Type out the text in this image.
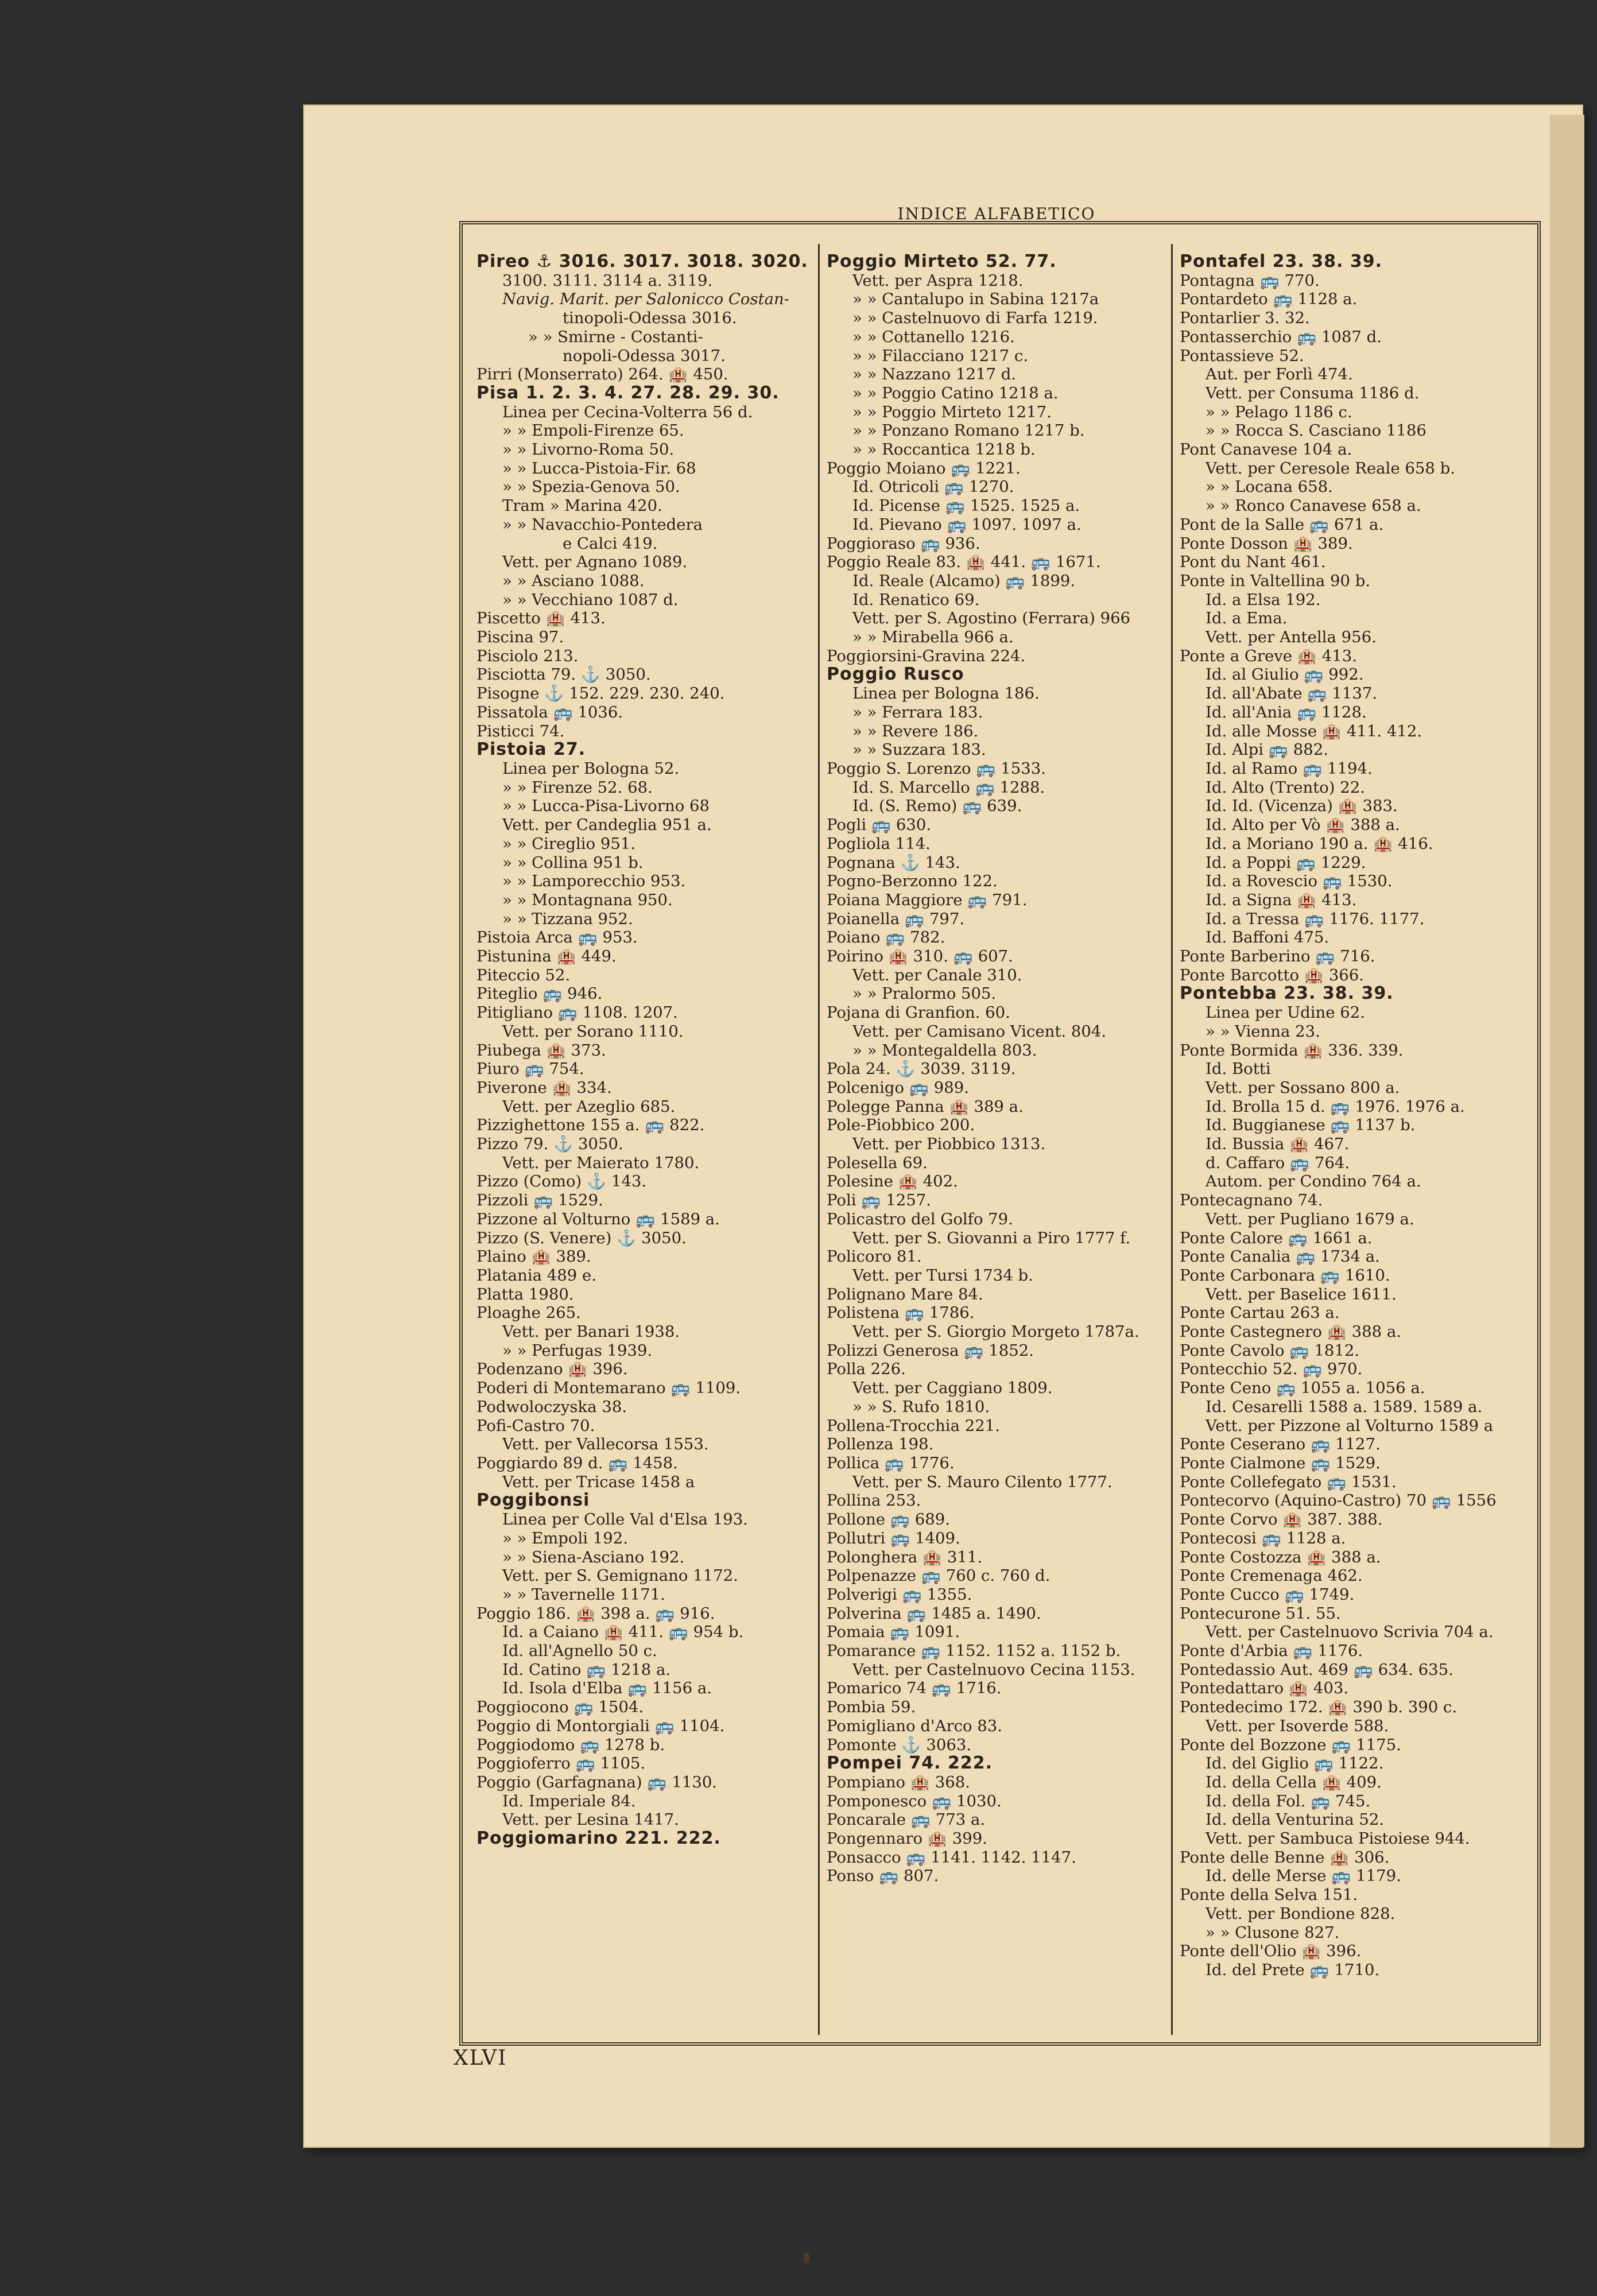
INDICE ALFABETICO
Pireo ⚓ 3016. 3017. 3018. 3020.
3100. 3111. 3114 a. 3119.
Navig. Marit. per Salonicco Costan-
tinopoli-Odessa 3016.
» » Smirne - Costanti-
nopoli-Odessa 3017.
Pirri (Monserrato) 264. 🏨 450.
Pisa 1. 2. 3. 4. 27. 28. 29. 30.
Linea per Cecina-Volterra 56 d.
» » Empoli-Firenze 65.
» » Livorno-Roma 50.
» » Lucca-Pistoia-Fir. 68
» » Spezia-Genova 50.
Tram » Marina 420.
» » Navacchio-Pontedera
e Calci 419.
Vett. per Agnano 1089.
» » Asciano 1088.
» » Vecchiano 1087 d.
Piscetto 🏨 413.
Piscina 97.
Pisciolo 213.
Pisciotta 79. ⚓ 3050.
Pisogne ⚓ 152. 229. 230. 240.
Pissatola 🚌 1036.
Pisticci 74.
Pistoia 27.
Linea per Bologna 52.
» » Firenze 52. 68.
» » Lucca-Pisa-Livorno 68
Vett. per Candeglia 951 a.
» » Cireglio 951.
» » Collina 951 b.
» » Lamporecchio 953.
» » Montagnana 950.
» » Tizzana 952.
Pistoia Arca 🚌 953.
Pistunina 🏨 449.
Piteccio 52.
Piteglio 🚌 946.
Pitigliano 🚌 1108. 1207.
Vett. per Sorano 1110.
Piubega 🏨 373.
Piuro 🚌 754.
Piverone 🏨 334.
Vett. per Azeglio 685.
Pizzighettone 155 a. 🚌 822.
Pizzo 79. ⚓ 3050.
Vett. per Maierato 1780.
Pizzo (Como) ⚓ 143.
Pizzoli 🚌 1529.
Pizzone al Volturno 🚌 1589 a.
Pizzo (S. Venere) ⚓ 3050.
Plaino 🏨 389.
Platania 489 e.
Platta 1980.
Ploaghe 265.
Vett. per Banari 1938.
» » Perfugas 1939.
Podenzano 🏨 396.
Poderi di Montemarano 🚌 1109.
Podwoloczyska 38.
Pofi-Castro 70.
Vett. per Vallecorsa 1553.
Poggiardo 89 d. 🚌 1458.
Vett. per Tricase 1458 a
Poggibonsi
Linea per Colle Val d'Elsa 193.
» » Empoli 192.
» » Siena-Asciano 192.
Vett. per S. Gemignano 1172.
» » Tavernelle 1171.
Poggio 186. 🏨 398 a. 🚌 916.
Id. a Caiano 🏨 411. 🚌 954 b.
Id. all'Agnello 50 c.
Id. Catino 🚌 1218 a.
Id. Isola d'Elba 🚌 1156 a.
Poggiocono 🚌 1504.
Poggio di Montorgiali 🚌 1104.
Poggiodomo 🚌 1278 b.
Poggioferro 🚌 1105.
Poggio (Garfagnana) 🚌 1130.
Id. Imperiale 84.
Vett. per Lesina 1417.
Poggiomarino 221. 222.
Poggio Mirteto 52. 77.
Vett. per Aspra 1218.
» » Cantalupo in Sabina 1217a
» » Castelnuovo di Farfa 1219.
» » Cottanello 1216.
» » Filacciano 1217 c.
» » Nazzano 1217 d.
» » Poggio Catino 1218 a.
» » Poggio Mirteto 1217.
» » Ponzano Romano 1217 b.
» » Roccantica 1218 b.
Poggio Moiano 🚌 1221.
Id. Otricoli 🚌 1270.
Id. Picense 🚌 1525. 1525 a.
Id. Pievano 🚌 1097. 1097 a.
Poggioraso 🚌 936.
Poggio Reale 83. 🏨 441. 🚌 1671.
Id. Reale (Alcamo) 🚌 1899.
Id. Renatico 69.
Vett. per S. Agostino (Ferrara) 966
» » Mirabella 966 a.
Poggiorsini-Gravina 224.
Poggio Rusco
Linea per Bologna 186.
» » Ferrara 183.
» » Revere 186.
» » Suzzara 183.
Poggio S. Lorenzo 🚌 1533.
Id. S. Marcello 🚌 1288.
Id. (S. Remo) 🚌 639.
Pogli 🚌 630.
Pogliola 114.
Pognana ⚓ 143.
Pogno-Berzonno 122.
Poiana Maggiore 🚌 791.
Poianella 🚌 797.
Poiano 🚌 782.
Poirino 🏨 310. 🚌 607.
Vett. per Canale 310.
» » Pralormo 505.
Pojana di Granfion. 60.
Vett. per Camisano Vicent. 804.
» » Montegaldella 803.
Pola 24. ⚓ 3039. 3119.
Polcenigo 🚌 989.
Polegge Panna 🏨 389 a.
Pole-Piobbico 200.
Vett. per Piobbico 1313.
Polesella 69.
Polesine 🏨 402.
Poli 🚌 1257.
Policastro del Golfo 79.
Vett. per S. Giovanni a Piro 1777 f.
Policoro 81.
Vett. per Tursi 1734 b.
Polignano Mare 84.
Polistena 🚌 1786.
Vett. per S. Giorgio Morgeto 1787a.
Polizzi Generosa 🚌 1852.
Polla 226.
Vett. per Caggiano 1809.
» » S. Rufo 1810.
Pollena-Trocchia 221.
Pollenza 198.
Pollica 🚌 1776.
Vett. per S. Mauro Cilento 1777.
Pollina 253.
Pollone 🚌 689.
Pollutri 🚌 1409.
Polonghera 🏨 311.
Polpenazze 🚌 760 c. 760 d.
Polverigi 🚌 1355.
Polverina 🚌 1485 a. 1490.
Pomaia 🚌 1091.
Pomarance 🚌 1152. 1152 a. 1152 b.
Vett. per Castelnuovo Cecina 1153.
Pomarico 74 🚌 1716.
Pombia 59.
Pomigliano d'Arco 83.
Pomonte ⚓ 3063.
Pompei 74. 222.
Pompiano 🏨 368.
Pomponesco 🚌 1030.
Poncarale 🚌 773 a.
Pongennaro 🏨 399.
Ponsacco 🚌 1141. 1142. 1147.
Ponso 🚌 807.
Pontafel 23. 38. 39.
Pontagna 🚌 770.
Pontardeto 🚌 1128 a.
Pontarlier 3. 32.
Pontasserchio 🚌 1087 d.
Pontassieve 52.
Aut. per Forlì 474.
Vett. per Consuma 1186 d.
» » Pelago 1186 c.
» » Rocca S. Casciano 1186
Pont Canavese 104 a.
Vett. per Ceresole Reale 658 b.
» » Locana 658.
» » Ronco Canavese 658 a.
Pont de la Salle 🚌 671 a.
Ponte Dosson 🏨 389.
Pont du Nant 461.
Ponte in Valtellina 90 b.
Id. a Elsa 192.
Id. a Ema.
Vett. per Antella 956.
Ponte a Greve 🏨 413.
Id. al Giulio 🚌 992.
Id. all'Abate 🚌 1137.
Id. all'Ania 🚌 1128.
Id. alle Mosse 🏨 411. 412.
Id. Alpi 🚌 882.
Id. al Ramo 🚌 1194.
Id. Alto (Trento) 22.
Id. Id. (Vicenza) 🏨 383.
Id. Alto per Vò 🏨 388 a.
Id. a Moriano 190 a. 🏨 416.
Id. a Poppi 🚌 1229.
Id. a Rovescio 🚌 1530.
Id. a Signa 🏨 413.
Id. a Tressa 🚌 1176. 1177.
Id. Baffoni 475.
Ponte Barberino 🚌 716.
Ponte Barcotto 🏨 366.
Pontebba 23. 38. 39.
Linea per Udine 62.
» » Vienna 23.
Ponte Bormida 🏨 336. 339.
Id. Botti
Vett. per Sossano 800 a.
Id. Brolla 15 d. 🚌 1976. 1976 a.
Id. Buggianese 🚌 1137 b.
Id. Bussia 🏨 467.
d. Caffaro 🚌 764.
Autom. per Condino 764 a.
Pontecagnano 74.
Vett. per Pugliano 1679 a.
Ponte Calore 🚌 1661 a.
Ponte Canalia 🚌 1734 a.
Ponte Carbonara 🚌 1610.
Vett. per Baselice 1611.
Ponte Cartau 263 a.
Ponte Castegnero 🏨 388 a.
Ponte Cavolo 🚌 1812.
Pontecchio 52. 🚌 970.
Ponte Ceno 🚌 1055 a. 1056 a.
Id. Cesarelli 1588 a. 1589. 1589 a.
Vett. per Pizzone al Volturno 1589 a
Ponte Ceserano 🚌 1127.
Ponte Cialmone 🚌 1529.
Ponte Collefegato 🚌 1531.
Pontecorvo (Aquino-Castro) 70 🚌 1556
Ponte Corvo 🏨 387. 388.
Pontecosi 🚌 1128 a.
Ponte Costozza 🏨 388 a.
Ponte Cremenaga 462.
Ponte Cucco 🚌 1749.
Pontecurone 51. 55.
Vett. per Castelnuovo Scrivia 704 a.
Ponte d'Arbia 🚌 1176.
Pontedassio Aut. 469 🚌 634. 635.
Pontedattaro 🏨 403.
Pontedecimo 172. 🏨 390 b. 390 c.
Vett. per Isoverde 588.
Ponte del Bozzone 🚌 1175.
Id. del Giglio 🚌 1122.
Id. della Cella 🏨 409.
Id. della Fol. 🚌 745.
Id. della Venturina 52.
Vett. per Sambuca Pistoiese 944.
Ponte delle Benne 🏨 306.
Id. delle Merse 🚌 1179.
Ponte della Selva 151.
Vett. per Bondione 828.
» » Clusone 827.
Ponte dell'Olio 🏨 396.
Id. del Prete 🚌 1710.
XLVI
